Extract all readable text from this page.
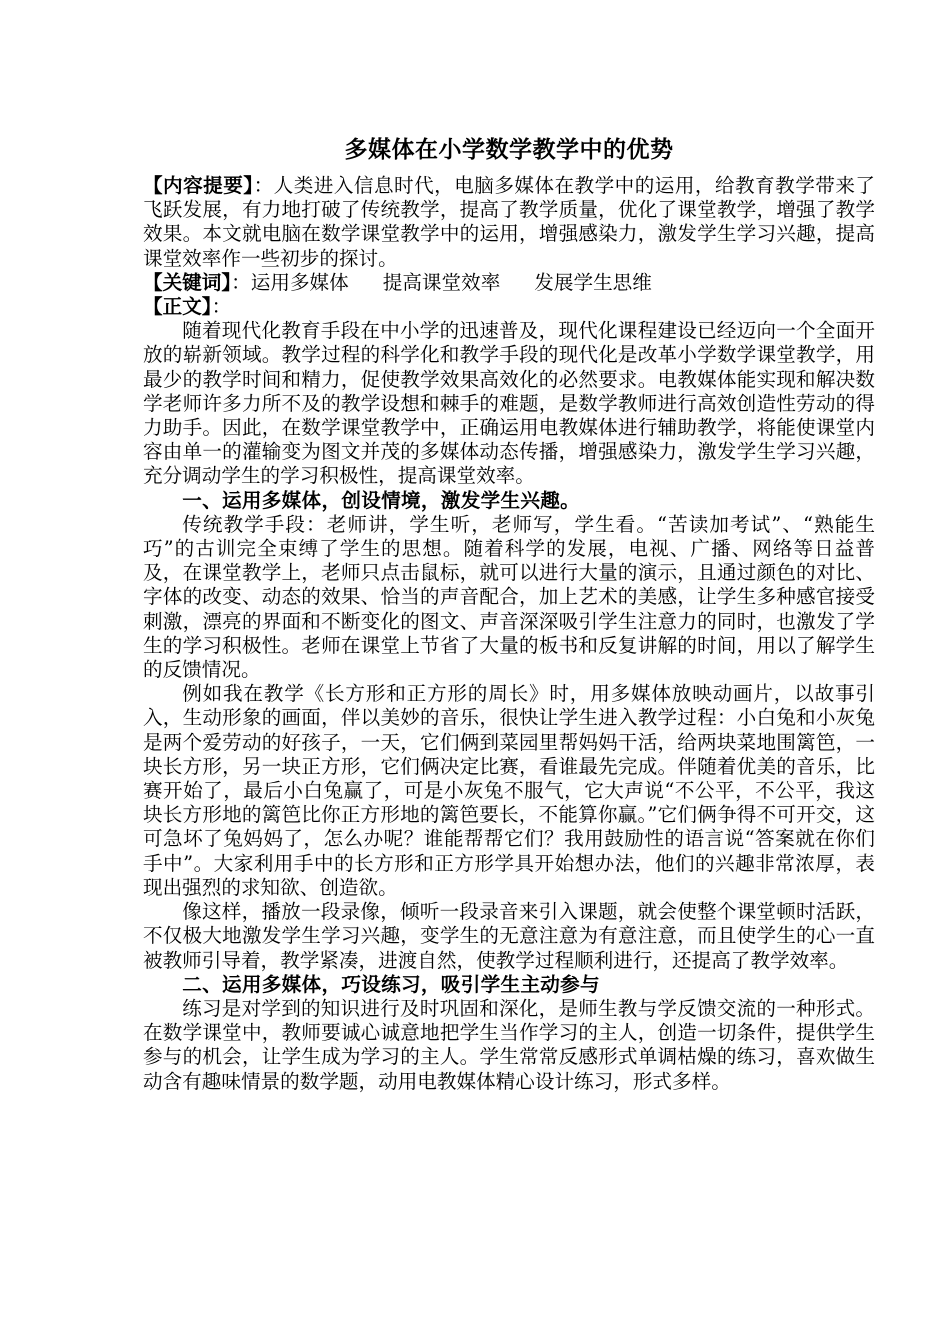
多媒体在小学数学教学中的优势

【内容提要】：人类进入信息时代，电脑多媒体在教学中的运用，给教育教学带来了飞跃发展，有力地打破了传统教学，提高了教学质量，优化了课堂教学，增强了教学效果。本文就电脑在数学课堂教学中的运用，增强感染力，激发学生学习兴趣，提高课堂效率作一些初步的探讨。

【关键词】：运用多媒体 提高课堂效率 发展学生思维

【正文】：

随着现代化教育手段在中小学的迅速普及，现代化课程建设已经迈向一个全面开放的崭新领域。教学过程的科学化和教学手段的现代化是改革小学数学课堂教学，用最少的教学时间和精力，促使教学效果高效化的必然要求。电教媒体能实现和解决数学老师许多力所不及的教学设想和棘手的难题，是数学教师进行高效创造性劳动的得力助手。因此，在数学课堂教学中，正确运用电教媒体进行辅助教学，将能使课堂内容由单一的灌输变为图文并茂的多媒体动态传播，增强感染力，激发学生学习兴趣，充分调动学生的学习积极性，提高课堂效率。

一、运用多媒体，创设情境，激发学生兴趣。

传统教学手段：老师讲，学生听，老师写，学生看。“苦读加考试”、“熟能生巧”的古训完全束缚了学生的思想。随着科学的发展，电视、广播、网络等日益普及，在课堂教学上，老师只点击鼠标，就可以进行大量的演示，且通过颜色的对比、字体的改变、动态的效果、恰当的声音配合，加上艺术的美感，让学生多种感官接受刺激，漂亮的界面和不断变化的图文、声音深深吸引学生注意力的同时，也激发了学生的学习积极性。老师在课堂上节省了大量的板书和反复讲解的时间，用以了解学生的反馈情况。

例如我在教学《长方形和正方形的周长》时，用多媒体放映动画片，以故事引入，生动形象的画面，伴以美妙的音乐，很快让学生进入教学过程：小白兔和小灰兔是两个爱劳动的好孩子，一天，它们俩到菜园里帮妈妈干活，给两块菜地围篱笆，一块长方形，另一块正方形，它们俩决定比赛，看谁最先完成。伴随着优美的音乐，比赛开始了，最后小白兔赢了，可是小灰兔不服气，它大声说“不公平，不公平，我这块长方形地的篱笆比你正方形地的篱笆要长，不能算你赢。”它们俩争得不可开交，这可急坏了兔妈妈了，怎么办呢？谁能帮帮它们？我用鼓励性的语言说“答案就在你们手中”。大家利用手中的长方形和正方形学具开始想办法，他们的兴趣非常浓厚，表现出强烈的求知欲、创造欲。

像这样，播放一段录像，倾听一段录音来引入课题，就会使整个课堂顿时活跃，不仅极大地激发学生学习兴趣，变学生的无意注意为有意注意，而且使学生的心一直被教师引导着，教学紧凑，进渡自然，使教学过程顺利进行，还提高了教学效率。

二、运用多媒体，巧设练习，吸引学生主动参与

练习是对学到的知识进行及时巩固和深化，是师生教与学反馈交流的一种形式。在数学课堂中，教师要诚心诚意地把学生当作学习的主人，创造一切条件，提供学生参与的机会，让学生成为学习的主人。学生常常反感形式单调枯燥的练习，喜欢做生动含有趣味情景的数学题，动用电教媒体精心设计练习，形式多样。
